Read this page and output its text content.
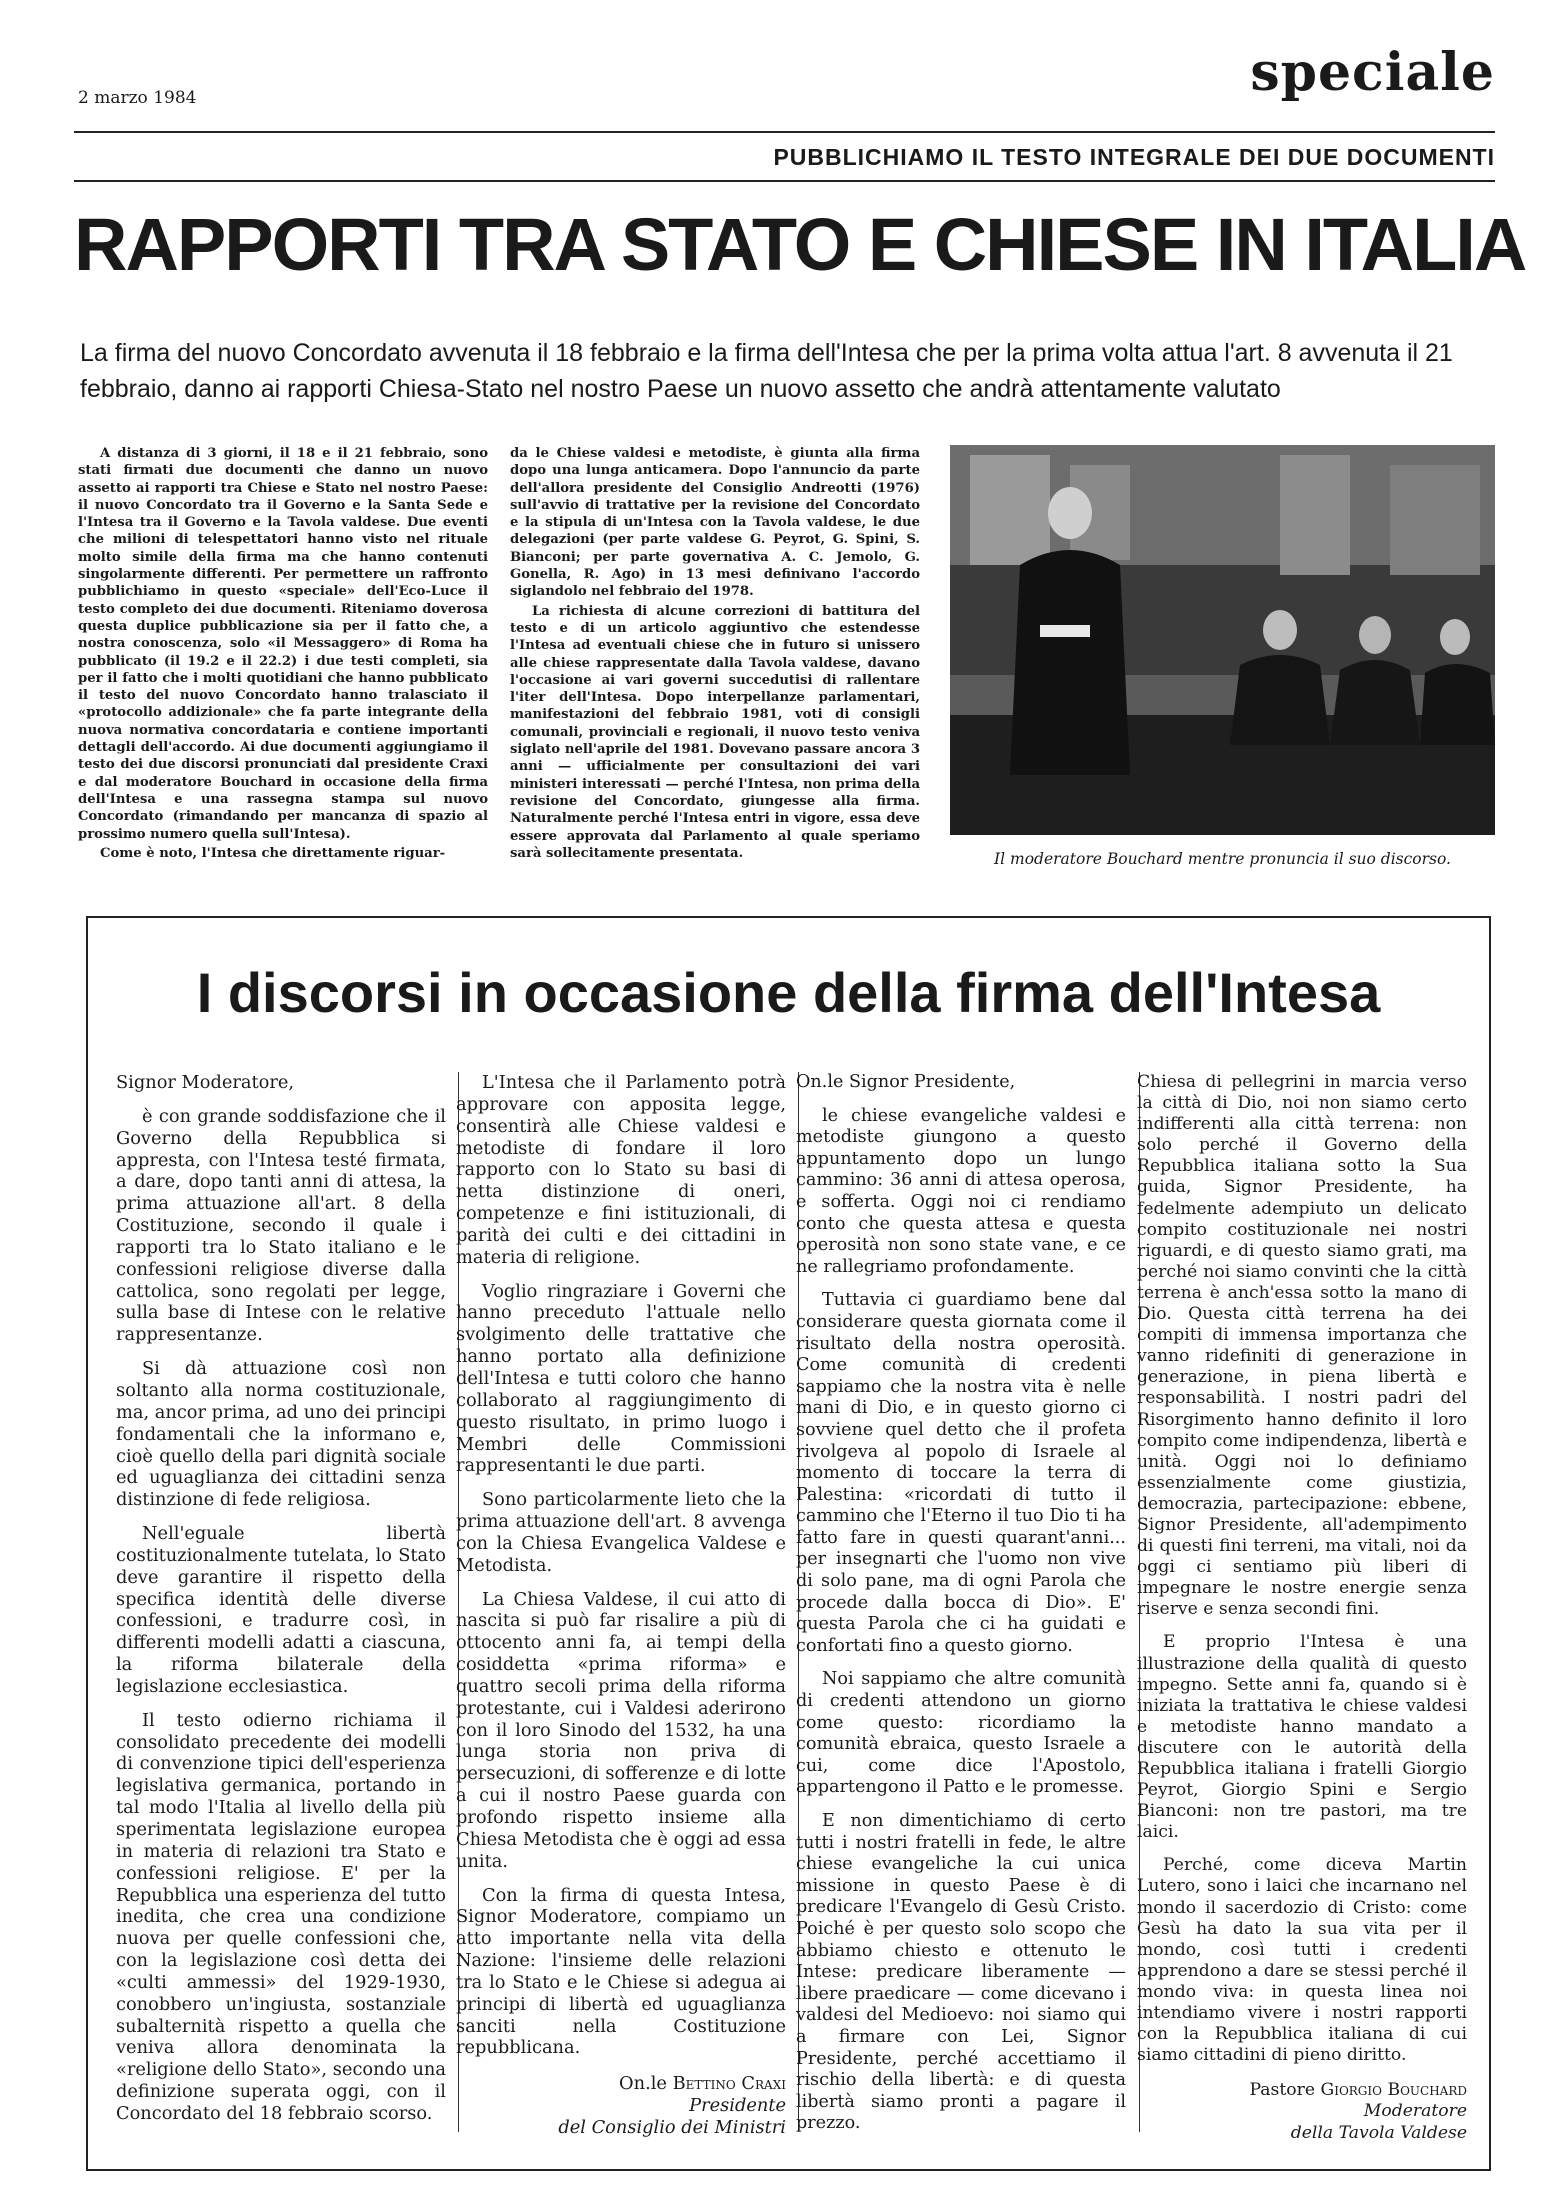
2 marzo 1984	speciale
PUBBLICHIAMO IL TESTO INTEGRALE DEI DUE DOCUMENTI
RAPPORTI TRA STATO E CHIESE IN ITALIA
La firma del nuovo Concordato avvenuta il 18 febbraio e la firma dell'Intesa che per la prima volta attua l'art. 8 avvenuta il 21 febbraio, danno ai rapporti Chiesa-Stato nel nostro Paese un nuovo assetto che andrà attentamente valutato

A distanza di 3 giorni, il 18 e il 21 febbraio, sono stati firmati due documenti che danno un nuovo assetto ai rapporti tra Chiese e Stato nel nostro Paese: il nuovo Concordato tra il Governo e la Santa Sede e l'Intesa tra il Governo e la Tavola valdese. Due eventi che milioni di telespettatori hanno visto nel rituale molto simile della firma ma che hanno contenuti singolarmente differenti. Per permettere un raffronto pubblichiamo in questo «speciale» dell'Eco-Luce il testo completo dei due documenti. Riteniamo doverosa questa duplice pubblicazione sia per il fatto che, a nostra conoscenza, solo «il Messaggero» di Roma ha pubblicato (il 19.2 e il 22.2) i due testi completi, sia per il fatto che i molti quotidiani che hanno pubblicato il testo del nuovo Concordato hanno tralasciato il «protocollo addizionale» che fa parte integrante della nuova normativa concordataria e contiene importanti dettagli dell'accordo. Ai due documenti aggiungiamo il testo dei due discorsi pronunciati dal presidente Craxi e dal moderatore Bouchard in occasione della firma dell'Intesa e una rassegna stampa sul nuovo Concordato (rimandando per mancanza di spazio al prossimo numero quella sull'Intesa).

Come è noto, l'Intesa che direttamente riguar-

da le Chiese valdesi e metodiste, è giunta alla firma dopo una lunga anticamera. Dopo l'annuncio da parte dell'allora presidente del Consiglio Andreotti (1976) sull'avvio di trattative per la revisione del Concordato e la stipula di un'Intesa con la Tavola valdese, le due delegazioni (per parte valdese G. Peyrot, G. Spini, S. Bianconi; per parte governativa A. C. Jemolo, G. Gonella, R. Ago) in 13 mesi definivano l'accordo siglandolo nel febbraio del 1978.

La richiesta di alcune correzioni di battitura del testo e di un articolo aggiuntivo che estendesse l'Intesa ad eventuali chiese che in futuro si unissero alle chiese rappresentate dalla Tavola valdese, davano l'occasione ai vari governi succedutisi di rallentare l'iter dell'Intesa. Dopo interpellanze parlamentari, manifestazioni del febbraio 1981, voti di consigli comunali, provinciali e regionali, il nuovo testo veniva siglato nell'aprile del 1981. Dovevano passare ancora 3 anni — ufficialmente per consultazioni dei vari ministeri interessati — perché l'Intesa, non prima della revisione del Concordato, giungesse alla firma. Naturalmente perché l'Intesa entri in vigore, essa deve essere approvata dal Parlamento al quale speriamo sarà sollecitamente presentata.	Il moderatore Bouchard mentre pronuncia il suo discorso.
I discorsi in occasione della firma dell'Intesa

Signor Moderatore,

è con grande soddisfazione che il Governo della Repubblica si appresta, con l'Intesa testé firmata, a dare, dopo tanti anni di attesa, la prima attuazione all'art. 8 della Costituzione, secondo il quale i rapporti tra lo Stato italiano e le confessioni religiose diverse dalla cattolica, sono regolati per legge, sulla base di Intese con le relative rappresentanze.

Si dà attuazione così non soltanto alla norma costituzionale, ma, ancor prima, ad uno dei principi fondamentali che la informano e, cioè quello della pari dignità sociale ed uguaglianza dei cittadini senza distinzione di fede religiosa.

Nell'eguale libertà costituzionalmente tutelata, lo Stato deve garantire il rispetto della specifica identità delle diverse confessioni, e tradurre così, in differenti modelli adatti a ciascuna, la riforma bilaterale della legislazione ecclesiastica.

Il testo odierno richiama il consolidato precedente dei modelli di convenzione tipici dell'esperienza legislativa germanica, portando in tal modo l'Italia al livello della più sperimentata legislazione europea in materia di relazioni tra Stato e confessioni religiose. E' per la Repubblica una esperienza del tutto inedita, che crea una condizione nuova per quelle confessioni che, con la legislazione così detta dei «culti ammessi» del 1929-1930, conobbero un'ingiusta, sostanziale subalternità rispetto a quella che veniva allora denominata la «religione dello Stato», secondo una definizione superata oggi, con il Concordato del 18 febbraio scorso.

L'Intesa che il Parlamento potrà approvare con apposita legge, consentirà alle Chiese valdesi e metodiste di fondare il loro rapporto con lo Stato su basi di netta distinzione di oneri, competenze e fini istituzionali, di parità dei culti e dei cittadini in materia di religione.

Voglio ringraziare i Governi che hanno preceduto l'attuale nello svolgimento delle trattative che hanno portato alla definizione dell'Intesa e tutti coloro che hanno collaborato al raggiungimento di questo risultato, in primo luogo i Membri delle Commissioni rappresentanti le due parti.

Sono particolarmente lieto che la prima attuazione dell'art. 8 avvenga con la Chiesa Evangelica Valdese e Metodista.

La Chiesa Valdese, il cui atto di nascita si può far risalire a più di ottocento anni fa, ai tempi della cosiddetta «prima riforma» e quattro secoli prima della riforma protestante, cui i Valdesi aderirono con il loro Sinodo del 1532, ha una lunga storia non priva di persecuzioni, di sofferenze e di lotte a cui il nostro Paese guarda con profondo rispetto insieme alla Chiesa Metodista che è oggi ad essa unita.

Con la firma di questa Intesa, Signor Moderatore, compiamo un atto importante nella vita della Nazione: l'insieme delle relazioni tra lo Stato e le Chiese si adegua ai principi di libertà ed uguaglianza sanciti nella Costituzione repubblicana.

On.le Bettino Craxi
Presidente
del Consiglio dei Ministri

On.le Signor Presidente,

le chiese evangeliche valdesi e metodiste giungono a questo appuntamento dopo un lungo cammino: 36 anni di attesa operosa, e sofferta. Oggi noi ci rendiamo conto che questa attesa e questa operosità non sono state vane, e ce ne rallegriamo profondamente.

Tuttavia ci guardiamo bene dal considerare questa giornata come il risultato della nostra operosità. Come comunità di credenti sappiamo che la nostra vita è nelle mani di Dio, e in questo giorno ci sovviene quel detto che il profeta rivolgeva al popolo di Israele al momento di toccare la terra di Palestina: «ricordati di tutto il cammino che l'Eterno il tuo Dio ti ha fatto fare in questi quarant'anni... per insegnarti che l'uomo non vive di solo pane, ma di ogni Parola che procede dalla bocca di Dio». E' questa Parola che ci ha guidati e confortati fino a questo giorno.

Noi sappiamo che altre comunità di credenti attendono un giorno come questo: ricordiamo la comunità ebraica, questo Israele a cui, come dice l'Apostolo, appartengono il Patto e le promesse.

E non dimentichiamo di certo tutti i nostri fratelli in fede, le altre chiese evangeliche la cui unica missione in questo Paese è di predicare l'Evangelo di Gesù Cristo. Poiché è per questo solo scopo che abbiamo chiesto e ottenuto le Intese: predicare liberamente — libere praedicare — come dicevano i valdesi del Medioevo: noi siamo qui a firmare con Lei, Signor Presidente, perché accettiamo il rischio della libertà: e di questa libertà siamo pronti a pagare il prezzo.

Chiesa di pellegrini in marcia verso la città di Dio, noi non siamo certo indifferenti alla città terrena: non solo perché il Governo della Repubblica italiana sotto la Sua guida, Signor Presidente, ha fedelmente adempiuto un delicato compito costituzionale nei nostri riguardi, e di questo siamo grati, ma perché noi siamo convinti che la città terrena è anch'essa sotto la mano di Dio. Questa città terrena ha dei compiti di immensa importanza che vanno ridefiniti di generazione in generazione, in piena libertà e responsabilità. I nostri padri del Risorgimento hanno definito il loro compito come indipendenza, libertà e unità. Oggi noi lo definiamo essenzialmente come giustizia, democrazia, partecipazione: ebbene, Signor Presidente, all'adempimento di questi fini terreni, ma vitali, noi da oggi ci sentiamo più liberi di impegnare le nostre energie senza riserve e senza secondi fini.

E proprio l'Intesa è una illustrazione della qualità di questo impegno. Sette anni fa, quando si è iniziata la trattativa le chiese valdesi e metodiste hanno mandato a discutere con le autorità della Repubblica italiana i fratelli Giorgio Peyrot, Giorgio Spini e Sergio Bianconi: non tre pastori, ma tre laici.

Perché, come diceva Martin Lutero, sono i laici che incarnano nel mondo il sacerdozio di Cristo: come Gesù ha dato la sua vita per il mondo, così tutti i credenti apprendono a dare se stessi perché il mondo viva: in questa linea noi intendiamo vivere i nostri rapporti con la Repubblica italiana di cui siamo cittadini di pieno diritto.

Pastore Giorgio Bouchard
Moderatore
della Tavola Valdese
